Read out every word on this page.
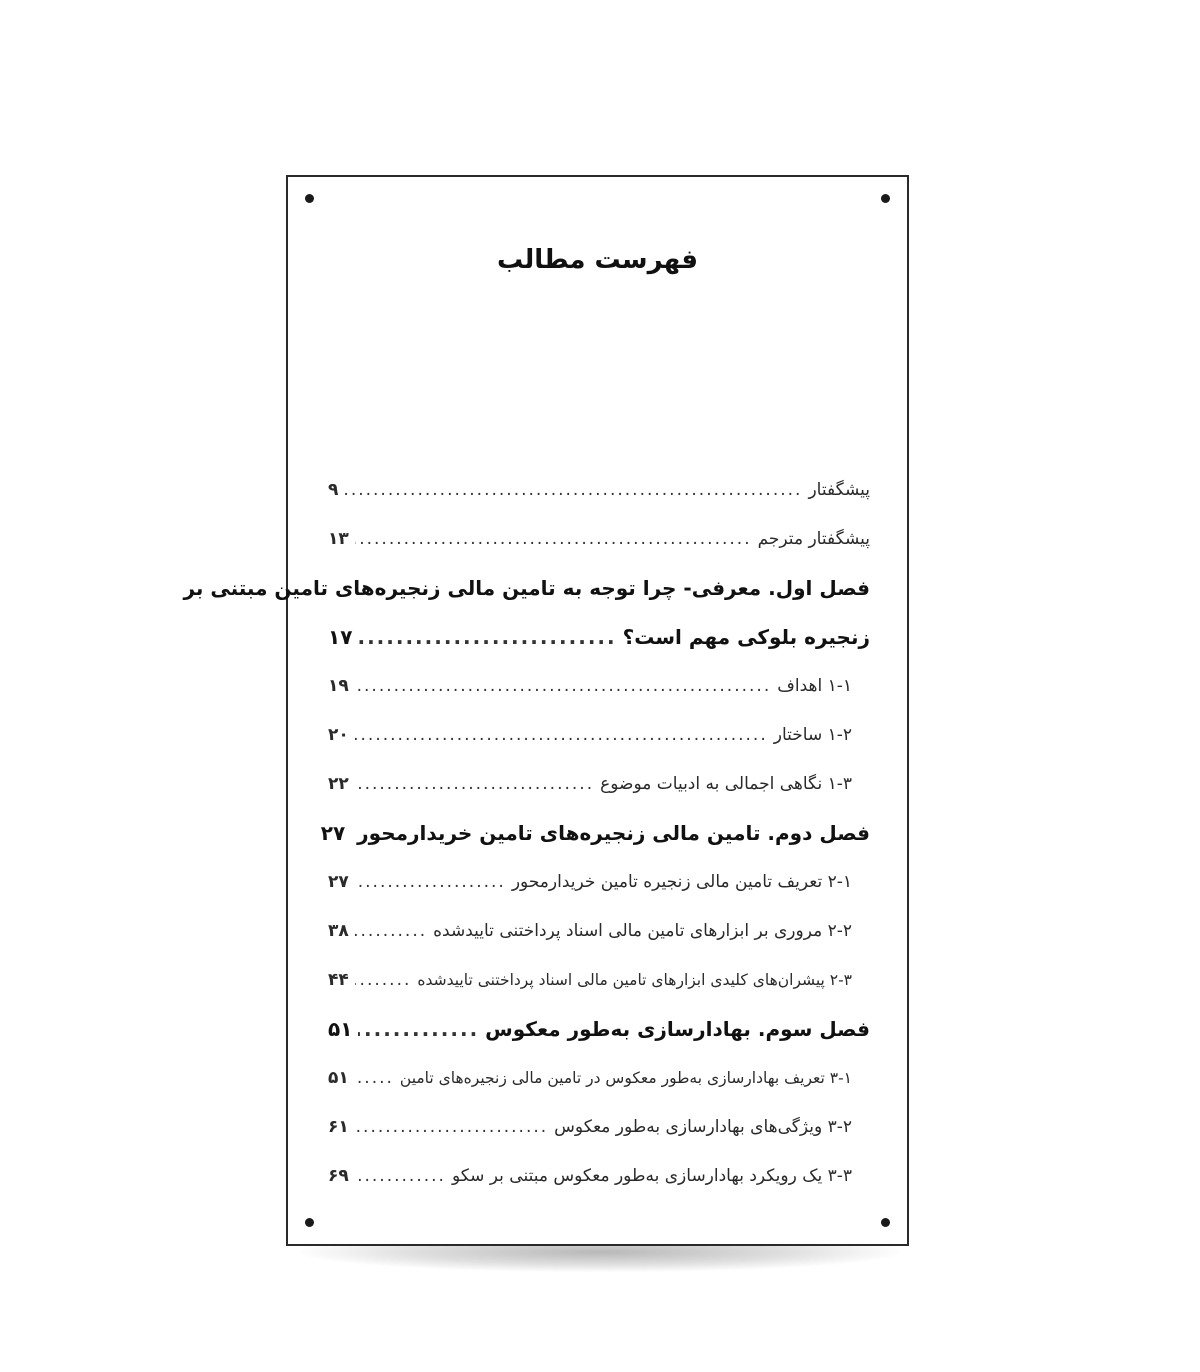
فهرست مطالب
پیشگفتار
.....
۹
پیشگفتار مترجم
.....
۱۳
فصل اول. معرفی- چرا توجه به تامین مالی زنجیره‌های تامین مبتنی بر
زنجیره بلوکی مهم است؟
.....
۱۷
۱-۱ اهداف
.....
۱۹
۱-۲ ساختار
.....
۲۰
۱-۳ نگاهی اجمالی به ادبیات موضوع
.....
۲۲
فصل دوم. تامین مالی زنجیره‌های تامین خریدارمحور
۲۷
۲-۱ تعریف تامین مالی زنجیره تامین خریدارمحور
.....
۲۷
۲-۲ مروری بر ابزارهای تامین مالی اسناد پرداختنی تاییدشده
.....
۳۸
۲-۳ پیشران‌های کلیدی ابزارهای تامین مالی اسناد پرداختنی تاییدشده
.....
۴۴
فصل سوم. بهادارسازی به‌طور معکوس
.....
۵۱
۳-۱ تعریف بهادارسازی به‌طور معکوس در تامین مالی زنجیره‌های تامین
.....
۵۱
۳-۲ ویژگی‌های بهادارسازی به‌طور معکوس
.....
۶۱
۳-۳ یک رویکرد بهادارسازی به‌طور معکوس مبتنی بر سکو
.....
۶۹
